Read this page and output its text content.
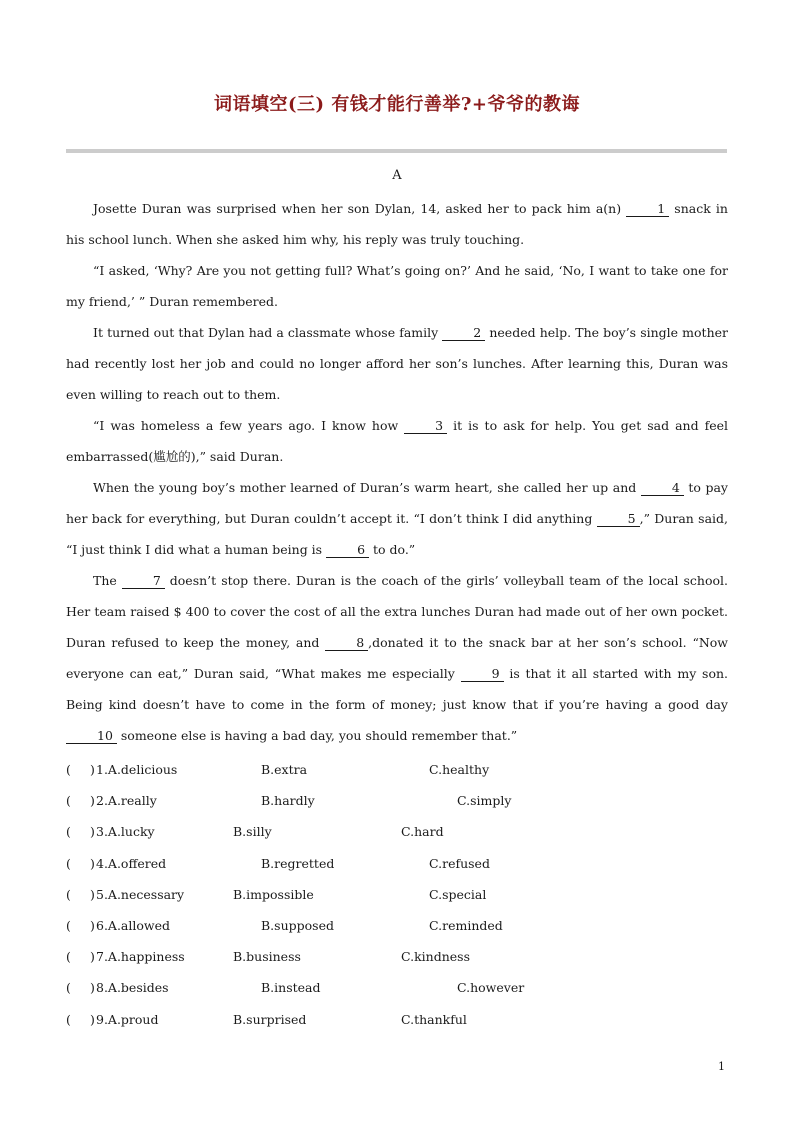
词语填空(三) 有钱才能行善举?+爷爷的教诲
A

Josette Duran was surprised when her son Dylan, 14, asked her to pack him a(n) 1 snack in his school lunch. When she asked him why, his reply was truly touching.

“I asked, ‘Why? Are you not getting full? What’s going on?’ And he said, ‘No, I want to take one for my friend,’ ” Duran remembered.

It turned out that Dylan had a classmate whose family 2 needed help. The boy’s single mother had recently lost her job and could no longer afford her son’s lunches. After learning this, Duran was even willing to reach out to them.

“I was homeless a few years ago. I know how 3 it is to ask for help. You get sad and feel embarrassed(尴尬的),” said Duran.

When the young boy’s mother learned of Duran’s warm heart, she called her up and 4 to pay her back for everything, but Duran couldn’t accept it. “I don’t think I did anything 5 ,” Duran said, “I just think I did what a human being is 6 to do.”

The 7 doesn’t stop there. Duran is the coach of the girls’ volleyball team of the local school. Her team raised $ 400 to cover the cost of all the extra lunches Duran had made out of her own pocket. Duran refused to keep the money, and 8 ,donated it to the snack bar at her son’s school. “Now everyone can eat,” Duran said, “What makes me especially 9 is that it all started with my son. Being kind doesn’t have to come in the form of money; just know that if you’re having a good day 10 someone else is having a bad day, you should remember that.”

( ) 1.A.delicious	B.extra	C.healthy
( ) 2.A.really	B.hardly	C.simply
( ) 3.A.lucky	B.silly	C.hard
( ) 4.A.offered	B.regretted	C.refused
( ) 5.A.necessary	B.impossible	C.special
( ) 6.A.allowed	B.supposed	C.reminded
( ) 7.A.happiness	B.business	C.kindness
( ) 8.A.besides	B.instead	C.however
( ) 9.A.proud	B.surprised	C.thankful
1
